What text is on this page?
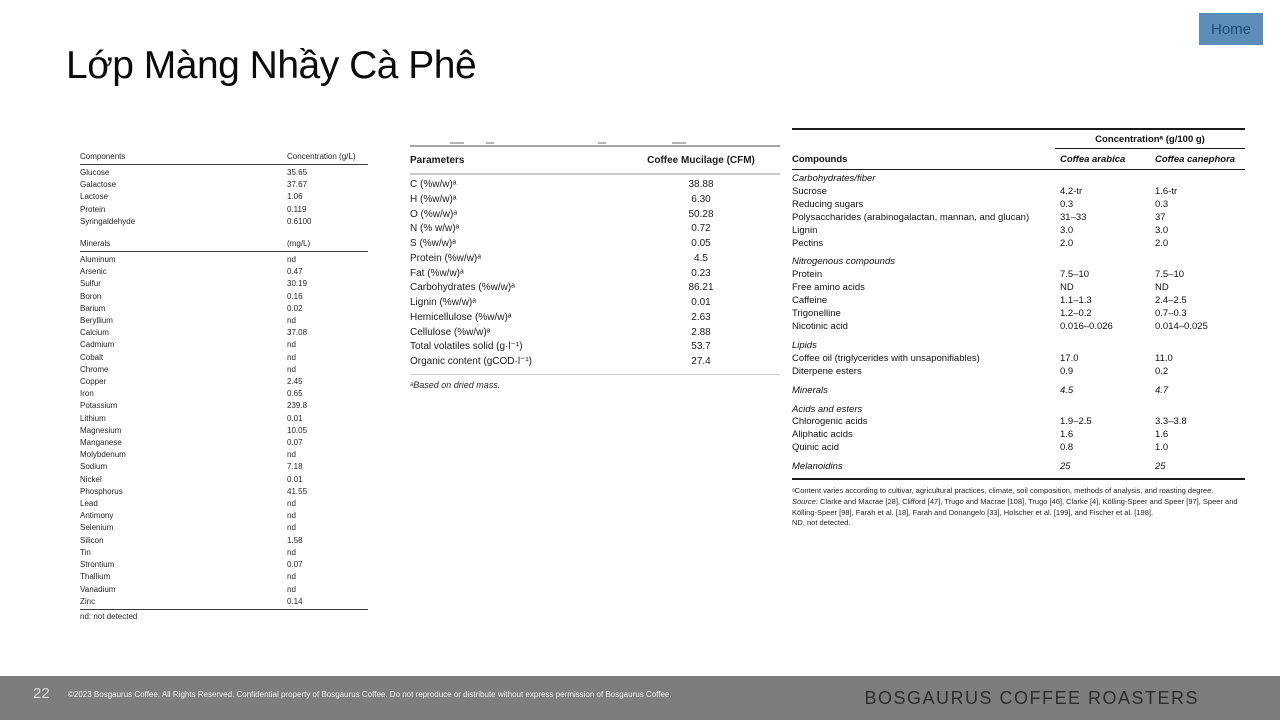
Home
Lớp Màng Nhầy Cà Phê
Components	Concentration (g/L)
Glucose	35.65
Galactose	37.67
Lactose	1.06
Protein	0.119
Syringaldehyde	0.6100
Minerals	(mg/L)
Aluminum	nd
Arsenic	0.47
Sulfur	30.19
Boron	0.16
Barium	0.02
Beryllium	nd
Calcium	37.08
Cadmium	nd
Cobalt	nd
Chrome	nd
Copper	2.45
Iron	0.65
Potassium	239.8
Lithium	0.01
Magnesium	10.05
Manganese	0.07
Molybdenum	nd
Sodium	7.18
Nickel	0.01
Phosphorus	41.55
Lead	nd
Antimony	nd
Selenium	nd
Silicon	1.58
Tin	nd
Strontium	0.07
Thallium	nd
Vanadium	nd
Zinc	0.14
nd: not detected
Parameters	Coffee Mucilage (CFM)
C (%w/w)ᵃ	38.88
H (%w/w)ᵃ	6.30
O (%w/w)ᵃ	50.28
N (% w/w)ᵃ	0.72
S (%w/w)ᵃ	0.05
Protein (%w/w)ᵃ	4.5
Fat (%w/w)ᵃ	0.23
Carbohydrates (%w/w)ᵃ	86.21
Lignin (%w/w)ᵃ	0.01
Hemicellulose (%w/w)ᵃ	2.63
Cellulose (%w/w)ᵃ	2.88
Total volatiles solid (g·l⁻¹)	53.7
Organic content (gCOD·l⁻¹)	27.4
ᵃBased on dried mass.
Concentrationᵃ (g/100 g)
Compounds	Coffea arabica	Coffea canephora
Carbohydrates/fiber
Sucrose	4.2-tr	1.6-tr
Reducing sugars	0.3	0.3
Polysaccharides (arabinogalactan, mannan, and glucan)	31–33	37
Lignin	3.0	3.0
Pectins	2.0	2.0
Nitrogenous compounds
Protein	7.5–10	7.5–10
Free amino acids	ND	ND
Caffeine	1.1–1.3	2.4–2.5
Trigonelline	1.2–0.2	0.7–0.3
Nicotinic acid	0.016–0.026	0.014–0.025
Lipids
Coffee oil (triglycerides with unsaponifiables)	17.0	11.0
Diterpene esters	0.9	0.2
Minerals	4.5	4.7
Acids and esters
Chlorogenic acids	1.9–2.5	3.3–3.8
Aliphatic acids	1.6	1.6
Quinic acid	0.8	1.0
Melanoidins	25	25
ᵃContent varies according to cultivar, agricultural practices, climate, soil composition, methods of analysis, and roasting degree.
Source: Clarke and Macrae [28], Clifford [47], Trugo and Macrae [108], Trugo [46], Clarke [4], Kölling-Speer and Speer [97], Speer and Kölling-Speer [98], Farah et al. [18], Farah and Donangelo [33], Holscher et al. [199], and Fischer et al. [198].
ND, not detected.
22 ©2023 Bosgaurus Coffee. All Rights Reserved. Confidential property of Bosgaurus Coffee. Do not reproduce or distribute without express permission of Bosgaurus Coffee.	BOSGAURUS COFFEE ROASTERS
